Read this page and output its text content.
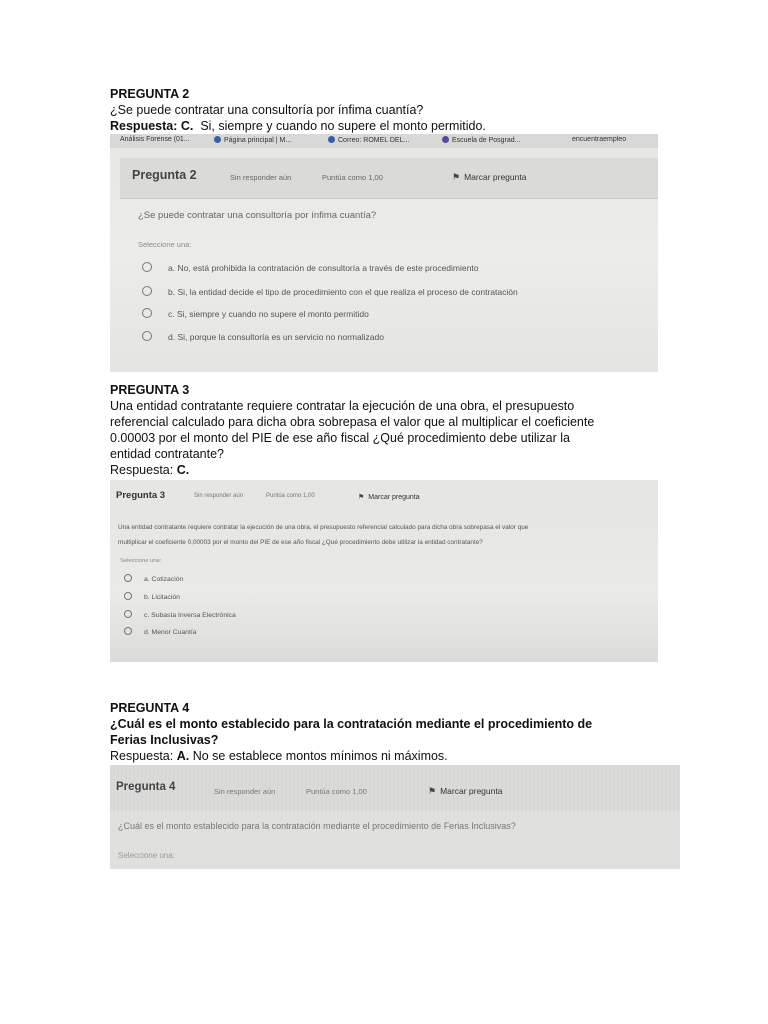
PREGUNTA 2

¿Se puede contratar una consultoría por ínfima cuantía?

Respuesta: C. Si, siempre y cuando no supere el monto permitido.

Análisis Forense (01...	Página principal | M...	Correo: ROMEL DEL...	Escuela de Posgrad...	encuentraempleo
Pregunta 2	Sin responder aún	Puntúa como 1,00	⚑ Marcar pregunta
¿Se puede contratar una consultoría por ínfima cuantía?
Seleccione una:
a. No, está prohibida la contratación de consultoría a través de este procedimiento
b. Si, la entidad decide el tipo de procedimiento con el que realiza el proceso de contratación
c. Si, siempre y cuando no supere el monto permitido
d. Si, porque la consultoría es un servicio no normalizado

PREGUNTA 3

Una entidad contratante requiere contratar la ejecución de una obra, el presupuesto

referencial calculado para dicha obra sobrepasa el valor que al multiplicar el coeficiente

0.00003 por el monto del PIE de ese año fiscal ¿Qué procedimiento debe utilizar la

entidad contratante?

Respuesta: C.

Pregunta 3	Sin responder aún	Puntúa como 1,00	⚑ Marcar pregunta
Una entidad contratante requiere contratar la ejecución de una obra, el presupuesto referencial calculado para dicha obra sobrepasa el valor que
multiplicar el coeficiente 0,00003 por el monto del PIE de ese año fiscal ¿Qué procedimiento debe utilizar la entidad contratante?
Seleccione una:
a. Cotización
b. Licitación
c. Subasta Inversa Electrónica
d. Menor Cuantía

PREGUNTA 4

¿Cuál es el monto establecido para la contratación mediante el procedimiento de

Ferias Inclusivas?

Respuesta: A. No se establece montos mínimos ni máximos.

Pregunta 4	Sin responder aún	Puntúa como 1,00	⚑ Marcar pregunta
¿Cuál es el monto establecido para la contratación mediante el procedimiento de Ferias Inclusivas?
Seleccione una:
